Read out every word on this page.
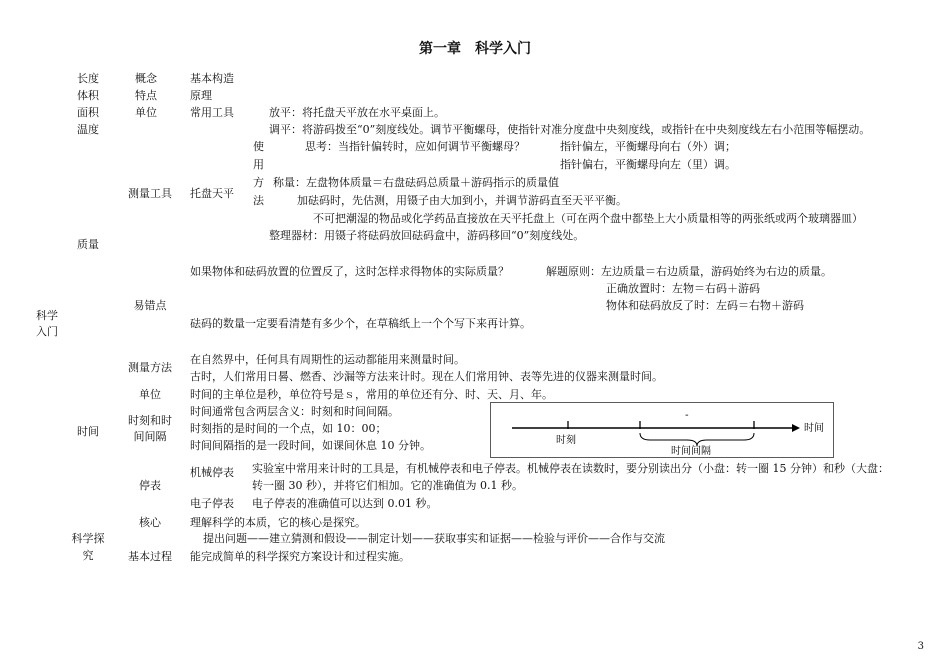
第一章　科学入门
科学
入门
长度
体积
面积
温度
质量
时间
科学探
究
概念
特点
单位
测量工具
易错点
测量方法
单位
时刻和时
间间隔
停表
核心
基本过程
基本构造
原理
常用工具
托盘天平
使
用
方
法
放平：将托盘天平放在水平桌面上。
调平：将游码拨至“0”刻度线处。调节平衡螺母，使指针对准分度盘中央刻度线，或指针在中央刻度线左右小范围等幅摆动。
思考：当指针偏转时，应如何调节平衡螺母？	指针偏左，平衡螺母向右（外）调；
指针偏右，平衡螺母向左（里）调。
称量：左盘物体质量＝右盘砝码总质量＋游码指示的质量值
加砝码时，先估测，用镊子由大加到小，并调节游码直至天平平衡。
不可把潮湿的物品或化学药品直接放在天平托盘上（可在两个盘中都垫上大小质量相等的两张纸或两个玻璃器皿）
整理器材：用镊子将砝码放回砝码盒中，游码移回“0”刻度线处。
如果物体和砝码放置的位置反了，这时怎样求得物体的实际质量？	解题原则：左边质量＝右边质量，游码始终为右边的质量。
正确放置时：左物＝右码＋游码
物体和砝码放反了时：左码＝右物＋游码
砝码的数量一定要看清楚有多少个，在草稿纸上一个个写下来再计算。
在自然界中，任何具有周期性的运动都能用来测量时间。
古时，人们常用日晷、燃香、沙漏等方法来计时。现在人们常用钟、表等先进的仪器来测量时间。
时间的主单位是秒，单位符号是ｓ，常用的单位还有分、时、天、月、年。
时间通常包含两层含义：时刻和时间间隔。
时刻指的是时间的一个点，如 10：00；
时间间隔指的是一段时间，如课间休息 10 分钟。
-
时刻
时间
时间间隔
机械停表 实验室中常用来计时的工具是，有机械停表和电子停表。机械停表在读数时，要分别读出分（小盘：转一圈 15 分钟）和秒（大盘：
转一圈 30 秒），并将它们相加。它的准确值为 0.1 秒。
电子停表 电子停表的准确值可以达到 0.01 秒。
理解科学的本质，它的核心是探究。
提出问题——建立猜测和假设——制定计划——获取事实和证据——检验与评价——合作与交流
能完成简单的科学探究方案设计和过程实施。
3
